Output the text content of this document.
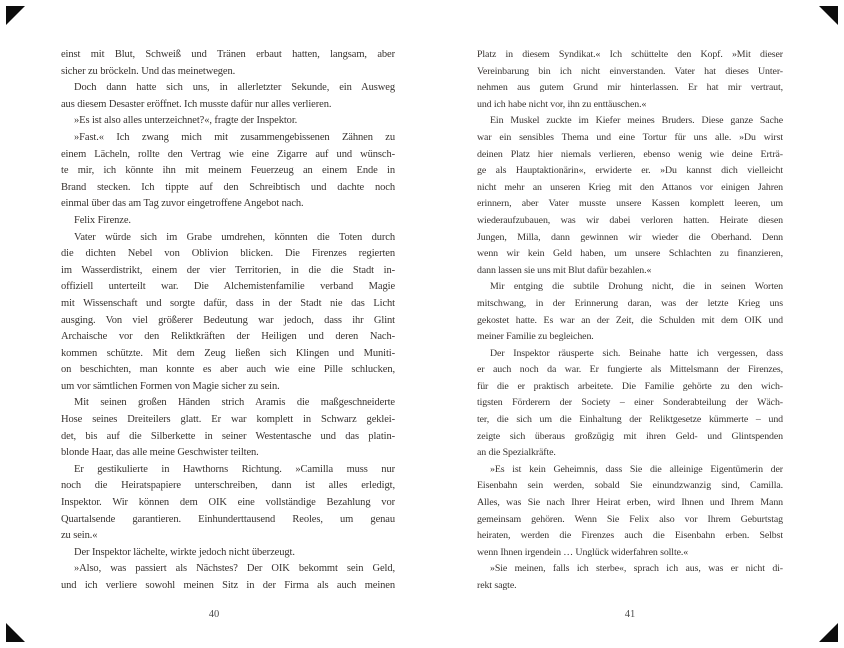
einst mit Blut, Schweiß und Tränen erbaut hatten, langsam, aber
sicher zu bröckeln. Und das meinetwegen.
Doch dann hatte sich uns, in allerletzter Sekunde, ein Ausweg
aus diesem Desaster eröffnet. Ich musste dafür nur alles verlieren.
»Es ist also alles unterzeichnet?«, fragte der Inspektor.
»Fast.« Ich zwang mich mit zusammengebissenen Zähnen zu
einem Lächeln, rollte den Vertrag wie eine Zigarre auf und wünsch-
te mir, ich könnte ihn mit meinem Feuerzeug an einem Ende in
Brand stecken. Ich tippte auf den Schreibtisch und dachte noch
einmal über das am Tag zuvor eingetroffene Angebot nach.
Felix Firenze.
Vater würde sich im Grabe umdrehen, könnten die Toten durch
die dichten Nebel von Oblivion blicken. Die Firenzes regierten
im Wasserdistrikt, einem der vier Territorien, in die die Stadt in-
offiziell unterteilt war. Die Alchemistenfamilie verband Magie
mit Wissenschaft und sorgte dafür, dass in der Stadt nie das Licht
ausging. Von viel größerer Bedeutung war jedoch, dass ihr Glint
Archaische vor den Reliktkräften der Heiligen und deren Nach-
kommen schützte. Mit dem Zeug ließen sich Klingen und Muniti-
on beschichten, man konnte es aber auch wie eine Pille schlucken,
um vor sämtlichen Formen von Magie sicher zu sein.
Mit seinen großen Händen strich Aramis die maßgeschneiderte
Hose seines Dreiteilers glatt. Er war komplett in Schwarz geklei-
det, bis auf die Silberkette in seiner Westentasche und das platin-
blonde Haar, das alle meine Geschwister teilten.
Er gestikulierte in Hawthorns Richtung. »Camilla muss nur
noch die Heiratspapiere unterschreiben, dann ist alles erledigt,
Inspektor. Wir können dem OIK eine vollständige Bezahlung vor
Quartalsende garantieren. Einhunderttausend Reoles, um genau
zu sein.«
Der Inspektor lächelte, wirkte jedoch nicht überzeugt.
»Also, was passiert als Nächstes? Der OIK bekommt sein Geld,
und ich verliere sowohl meinen Sitz in der Firma als auch meinen
40
Platz in diesem Syndikat.« Ich schüttelte den Kopf. »Mit dieser
Vereinbarung bin ich nicht einverstanden. Vater hat dieses Unter-
nehmen aus gutem Grund mir hinterlassen. Er hat mir vertraut,
und ich habe nicht vor, ihn zu enttäuschen.«
Ein Muskel zuckte im Kiefer meines Bruders. Diese ganze Sache
war ein sensibles Thema und eine Tortur für uns alle. »Du wirst
deinen Platz hier niemals verlieren, ebenso wenig wie deine Erträ-
ge als Hauptaktionärin«, erwiderte er. »Du kannst dich vielleicht
nicht mehr an unseren Krieg mit den Attanos vor einigen Jahren
erinnern, aber Vater musste unsere Kassen komplett leeren, um
wiederaufzubauen, was wir dabei verloren hatten. Heirate diesen
Jungen, Milla, dann gewinnen wir wieder die Oberhand. Denn
wenn wir kein Geld haben, um unsere Schlachten zu finanzieren,
dann lassen sie uns mit Blut dafür bezahlen.«
Mir entging die subtile Drohung nicht, die in seinen Worten
mitschwang, in der Erinnerung daran, was der letzte Krieg uns
gekostet hatte. Es war an der Zeit, die Schulden mit dem OIK und
meiner Familie zu begleichen.
Der Inspektor räusperte sich. Beinahe hatte ich vergessen, dass
er auch noch da war. Er fungierte als Mittelsmann der Firenzes,
für die er praktisch arbeitete. Die Familie gehörte zu den wich-
tigsten Förderern der Society – einer Sonderabteilung der Wäch-
ter, die sich um die Einhaltung der Reliktgesetze kümmerte – und
zeigte sich überaus großzügig mit ihren Geld- und Glintspenden
an die Spezialkräfte.
»Es ist kein Geheimnis, dass Sie die alleinige Eigentümerin der
Eisenbahn sein werden, sobald Sie einundzwanzig sind, Camilla.
Alles, was Sie nach Ihrer Heirat erben, wird Ihnen und Ihrem Mann
gemeinsam gehören. Wenn Sie Felix also vor Ihrem Geburtstag
heiraten, werden die Firenzes auch die Eisenbahn erben. Selbst
wenn Ihnen irgendein … Unglück widerfahren sollte.«
»Sie meinen, falls ich sterbe«, sprach ich aus, was er nicht di-
rekt sagte.
41
